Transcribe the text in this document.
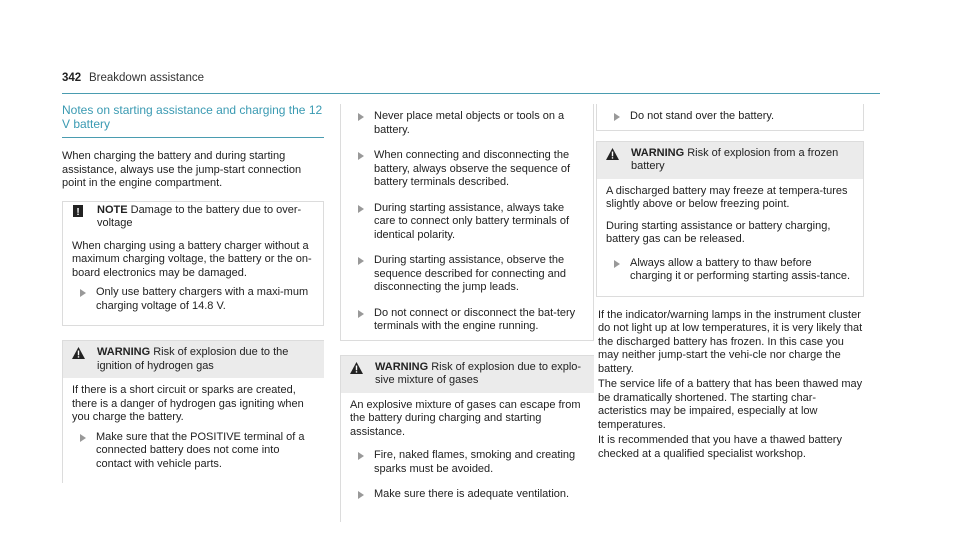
342 Breakdown assistance
Notes on starting assistance and charging the 12
V battery
When charging the battery and during starting assistance, always use the jump-start connection point in the engine compartment.
! NOTE Damage to the battery due to over-voltage
When charging using a battery charger without a maximum charging voltage, the battery or the on-board electronics may be damaged.
Only use battery chargers with a maxi-mum charging voltage of 14.8 V.
WARNING Risk of explosion due to the ignition of hydrogen gas
If there is a short circuit or sparks are created, there is a danger of hydrogen gas igniting when you charge the battery.
Make sure that the POSITIVE terminal of a connected battery does not come into contact with vehicle parts.
Never place metal objects or tools on a battery.
When connecting and disconnecting the battery, always observe the sequence of battery terminals described.
During starting assistance, always take care to connect only battery terminals of identical polarity.
During starting assistance, observe the sequence described for connecting and disconnecting the jump leads.
Do not connect or disconnect the bat-tery terminals with the engine running.
WARNING Risk of explosion due to explo-sive mixture of gases
An explosive mixture of gases can escape from the battery during charging and starting assistance.
Fire, naked flames, smoking and creating sparks must be avoided.
Make sure there is adequate ventilation.
Do not stand over the battery.
WARNING Risk of explosion from a frozen battery
A discharged battery may freeze at tempera-tures slightly above or below freezing point.
During starting assistance or battery charging, battery gas can be released.
Always allow a battery to thaw before charging it or performing starting assis-tance.
If the indicator/warning lamps in the instrument cluster do not light up at low temperatures, it is very likely that the discharged battery has frozen. In this case you may neither jump-start the vehi-cle nor charge the battery.
The service life of a battery that has been thawed may be dramatically shortened. The starting char-acteristics may be impaired, especially at low temperatures.
It is recommended that you have a thawed battery checked at a qualified specialist workshop.
